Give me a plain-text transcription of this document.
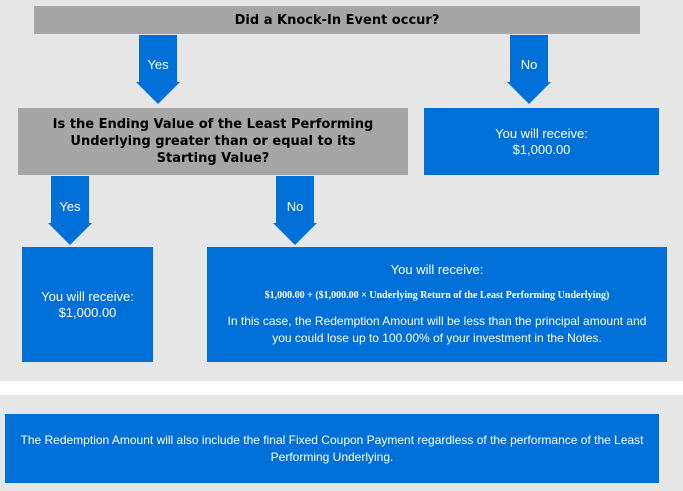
Did a Knock-In Event occur?
Yes	No
Is the Ending Value of the Least Performing Underlying greater than or equal to its Starting Value?
You will receive:
$1,000.00
Yes	No
You will receive:
$1,000.00
You will receive:
$1,000.00 + ($1,000.00 × Underlying Return of the Least Performing Underlying)
In this case, the Redemption Amount will be less than the principal amount and you could lose up to 100.00% of your investment in the Notes.
The Redemption Amount will also include the final Fixed Coupon Payment regardless of the performance of the Least Performing Underlying.
